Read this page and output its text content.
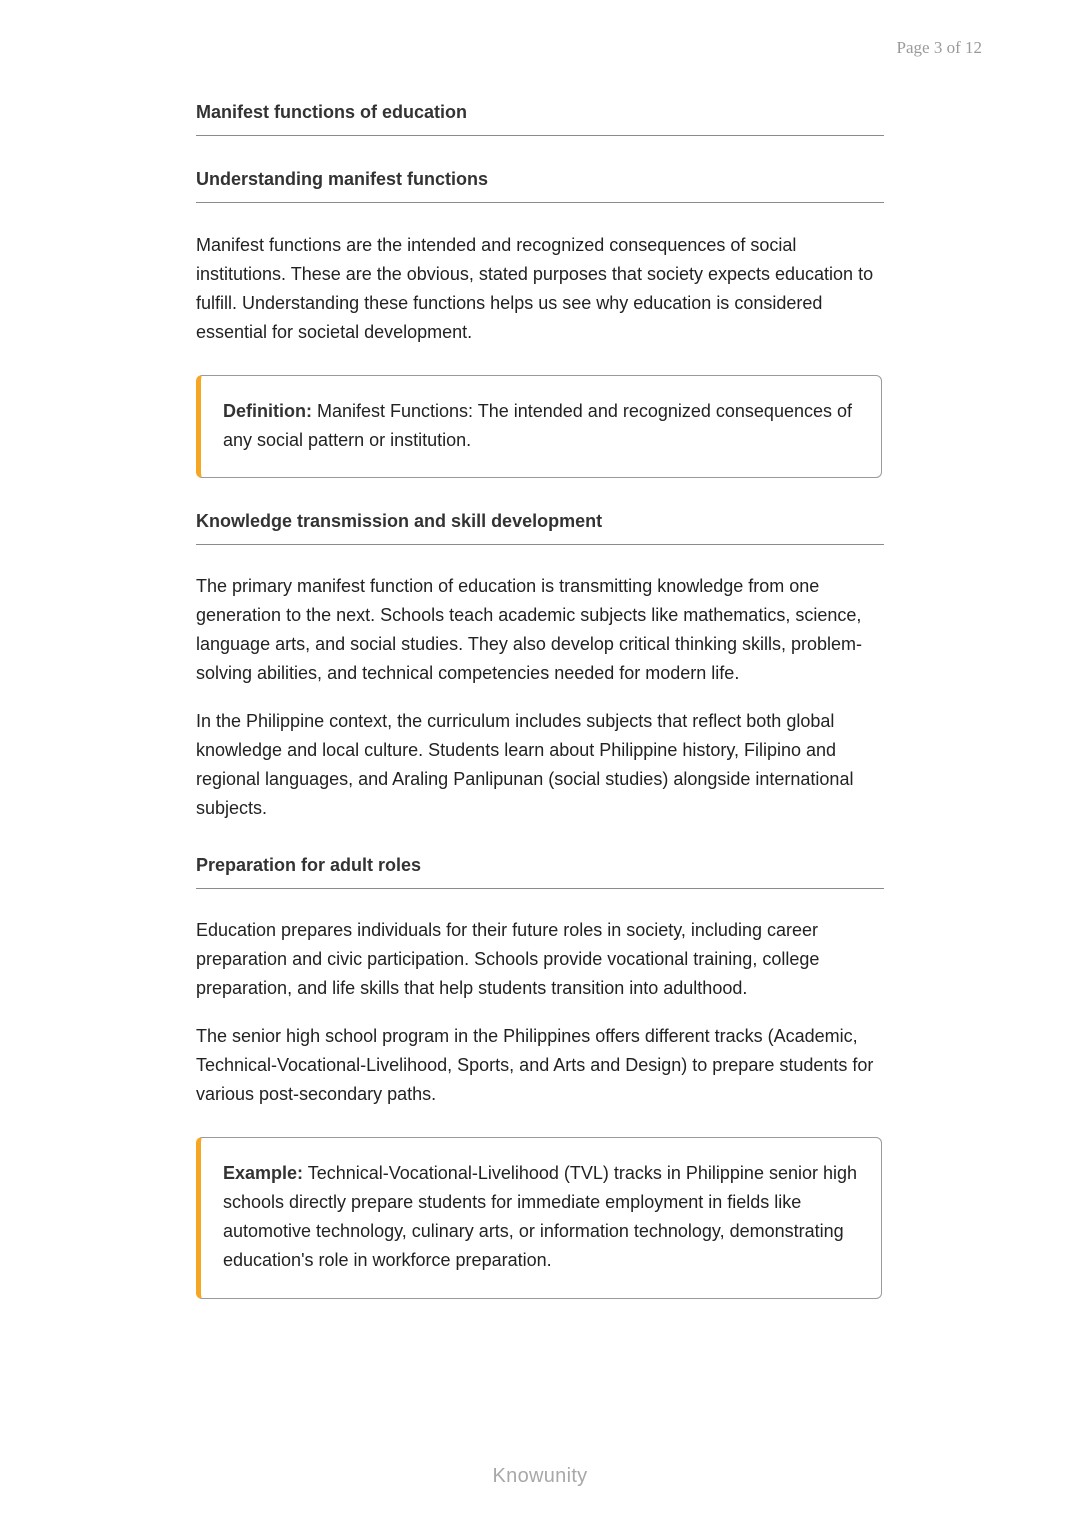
Page 3 of 12
Manifest functions of education
Understanding manifest functions

Manifest functions are the intended and recognized consequences of social institutions. These are the obvious, stated purposes that society expects education to fulfill. Understanding these functions helps us see why education is considered essential for societal development.

Definition: Manifest Functions: The intended and recognized consequences of any social pattern or institution.
Knowledge transmission and skill development

The primary manifest function of education is transmitting knowledge from one generation to the next. Schools teach academic subjects like mathematics, science, language arts, and social studies. They also develop critical thinking skills, problem-solving abilities, and technical competencies needed for modern life.

In the Philippine context, the curriculum includes subjects that reflect both global knowledge and local culture. Students learn about Philippine history, Filipino and regional languages, and Araling Panlipunan (social studies) alongside international subjects.

Preparation for adult roles

Education prepares individuals for their future roles in society, including career preparation and civic participation. Schools provide vocational training, college preparation, and life skills that help students transition into adulthood.

The senior high school program in the Philippines offers different tracks (Academic, Technical-Vocational-Livelihood, Sports, and Arts and Design) to prepare students for various post-secondary paths.

Example: Technical-Vocational-Livelihood (TVL) tracks in Philippine senior high schools directly prepare students for immediate employment in fields like automotive technology, culinary arts, or information technology, demonstrating education's role in workforce preparation.
Knowunity
